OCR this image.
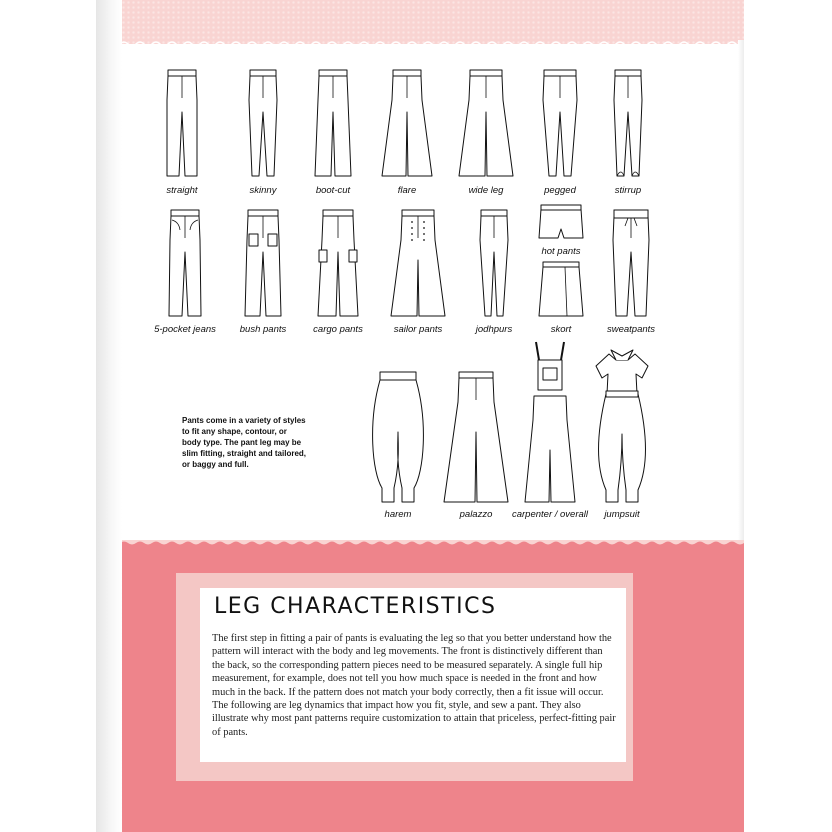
straight	skinny	boot-cut	flare	wide leg	pegged	stirrup
5-pocket jeans	bush pants	cargo pants	sailor pants	jodhpurs
hot pants
skort	sweatpants
harem	palazzo carpenter / overall jumpsuit
Pants come in a variety of styles to fit any shape, contour, or body type. The pant leg may be slim fitting, straight and tailored, or baggy and full.
LEG CHARACTERISTICS
The first step in fitting a pair of pants is evaluating the leg so that you better understand how the pattern will interact with the body and leg movements. The front is distinctively different than the back, so the corresponding pattern pieces need to be measured separately. A single full hip measurement, for example, does not tell you how much space is needed in the front and how much in the back. If the pattern does not match your body correctly, then a fit issue will occur. The following are leg dynamics that impact how you fit, style, and sew a pant. They also illustrate why most pant patterns require customization to attain that priceless, perfect-fitting pair of pants.
